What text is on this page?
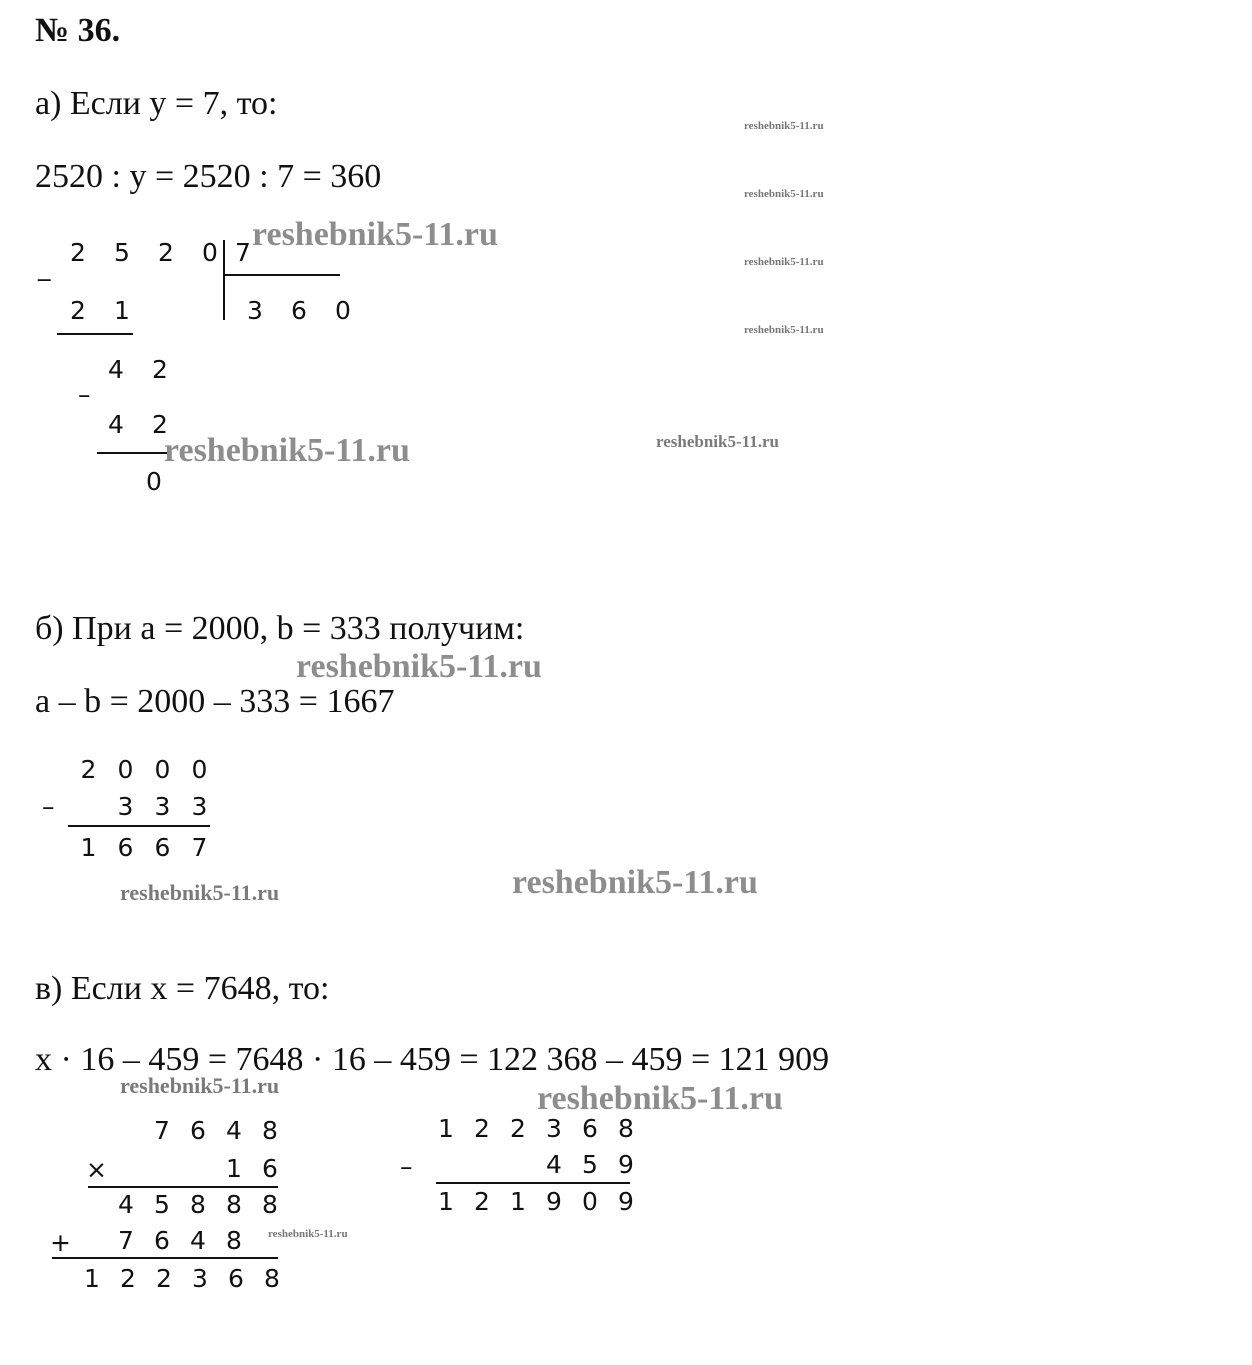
№ 36.
а) Если y = 7, то:
2520 : y = 2520 : 7 = 360
_ 2	5	2	0 7
3	6	0
2	1
4	2
–
4	2
0
б) При a = 2000, b = 333 получим:
a – b = 2000 – 333 = 1667
2 0 0 0
–	3 3 3
1 6 6 7
в) Если x = 7648, то:
x · 16 – 459 = 7648 · 16 – 459 = 122 368 – 459 = 121 909
7 6 4 8
×	1 6
4 5 8 8 8
+	7 6 4 8
1 2 2 3 6 8
1 2 2 3 6 8
–	4 5 9
1 2 1 9 0 9
reshebnik5-11.ru
reshebnik5-11.ru
reshebnik5-11.ru
reshebnik5-11.ru
reshebnik5-11.ru
reshebnik5-11.ru
reshebnik5-11.ru
reshebnik5-11.ru
reshebnik5-11.ru
reshebnik5-11.ru
reshebnik5-11.ru
reshebnik5-11.ru
reshebnik5-11.ru
